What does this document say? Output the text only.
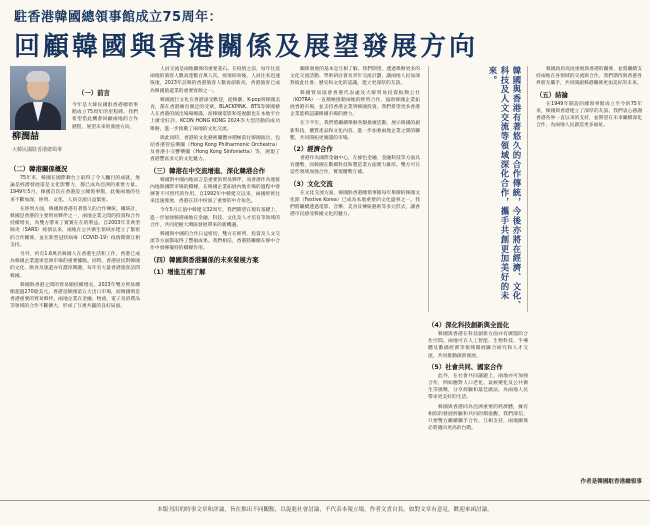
駐香港韓國總領事館成立75周年：
回顧韓國與香港關係及展望發展方向
柳潤喆
大韓民國駐香港總領事
（一）前言
今年是大韓民國駐香港總領事館成立75周年的里程碑。我們希望借此機會回顧兩地的合作歷程，展望未來的發展方向。
（二）韓港關係概況

75年來，韓國在國際舞台上取得了令人矚目的成就，無論是經濟發展還是文化影響力，都已成為亞洲的重要力量。1949年5月，韓國首次在香港設立總領事館，此後兩地的往來不斷加深，經貿、文化、人員交流日益緊密。

在經貿方面，韓國與香港有著悠久的合作傳統。據統計，韓國是香港的主要貿易夥伴之一，兩地企業之間的投資和合作持續增長，為雙方帶來了實實在在的利益。自2003年非典型肺炎（SARS）疫情以來，兩地在公共衛生領域亦建立了緊密的合作關係，並在新型冠狀病毒（COVID-19）疫情期間互相支持。

另外，約有1.6萬名韓國人在香港生活和工作，香港已成為韓國企業進軍亞洲市場的重要據點。同時，香港居民對韓國的文化、飲食及旅遊亦有濃厚興趣，每年有大量香港旅客訪問韓國。

韓國與香港之間的貿易額持續增長，2023年雙方貿易總額超過270億美元。香港是韓國第五大出口市場，而韓國則是香港重要的貿易夥伴。兩地企業在金融、物流、電子及消費品等領域的合作不斷擴大，形成了互惠共贏的良好局面。

人員交流是兩地關係的重要基石。在疫情之前，每年往返兩地的旅客人數高達數百萬人次。疫情結束後，人員往來迅速恢復，2023年訪韓的香港旅客人數再創新高，香港旅客已成為韓國旅遊業的重要客源之一。

韓國流行文化在香港深受歡迎，從韓劇、K-pop到韓國美食，都在香港擁有廣泛的受眾。BLACKPINK、BTS等韓國藝人在香港的演出場場爆滿，而韓國電影和電視劇也在本地平台上廣受好評。KCON HONG KONG 2024等大型活動的成功舉辦，進一步推動了兩地的文化交流。

與此同時，香港的文化藝術團體亦積極前往韓國演出，包括香港管弦樂團（Hong Kong Philharmonic Orchestra）及香港小交響樂團（Hong Kong Sinfonietta）等，展現了香港豐富多元的文化魅力。

（三）韓港在中交流增進、深化韓港合作

韓國對中國內地而言是重要的貿易夥伴，而香港作為連接內地與國際市場的橋樑，在韓國企業拓展內地市場的過程中發揮著不可替代的作用。自1992年中韓建交以來，兩國經貿往來迅速發展，香港在其中扮演了重要的中介角色。

今年5月正值中韓建交32周年，我們期望在現有基礎上，進一步加強韓港兩地在金融、科技、文化及人才培育等領域的合作，共同把握大灣區發展帶來的新機遇。

韓國與中國的合作日益密切，雙方在經貿、投資及人文交流等方面都取得了豐碩成果。我們相信，香港將繼續在韓中合作中發揮獨特的橋樑作用。

（四）韓國與香港關係的未來發展方案
（1）增進互相了解

關係發展的基本是互相了解。我們期望，透過舉辦更多的文化交流活動、學術研討會及青年交流計劃，讓兩地人民加深對彼此社會、歷史和文化的認識，建立更深厚的友誼。

韓國貿易協會香港代表處及大韓貿易投資振興公社（KOTRA）一直積極推動兩地的經貿合作，協助韓國企業拓展香港市場，並支持香港企業到韓國投資。我們希望更多香港企業能夠認識韓國市場的潛力。

在下半年，我們將繼續舉辦各類推廣活動，展示韓國的創新科技、優質產品和文化內容，進一步加強兩地企業之間的聯繫，共同開拓更廣闊的市場。

（2）經濟合作

香港作為國際金融中心，在綠色金融、金融科技等方面具有優勢，而韓國在數碼科技和製造業方面實力雄厚。雙方可在這些領域加強合作，實現優勢互補。

（3）文化交流

在文化交流方面，韓國駐香港總領事館每年舉辦的韓國文化節（Festive Korea）已成為本地重要的文化盛事之一。我們將繼續透過電影、音樂、美食及傳統藝術等多元形式，讓香港市民感受韓國文化的魅力。	韓國與香港有著悠久的合作傳統，今後亦將在經濟、文化、科技及人文交流等領域深化合作，攜手共創更加美好的未來。
（4）深化科技創新與全面化

韓國與香港在科技創新方面亦有廣闊的合作空間。兩地可在人工智能、生物科技、半導體及數碼經濟等領域開展聯合研究和人才交流，共同推動創新發展。

（5）社會共同、國家合作

此外，在社會共同議題上，兩地亦可加強合作，例如應對人口老化、氣候變化及公共衛生等挑戰，分享經驗和最佳做法，為兩地人民帶來更美好的生活。

韓國與香港同為亞洲重要的經濟體，擁有相似的發展經驗和共同的價值觀。我們深信，只要雙方繼續攜手合作，互相支持，兩地關係必將邁向更高的台階。

韓國政府高度重視與香港的關係，並將繼續支持兩地在各領域的交流與合作。我們期待與香港各界朋友攜手，共同開創韓港關係更加美好的未來。

（五）結論

在1949年開設的總領事館成立至今的75年來，韓國與香港建立了深厚的友誼。我們衷心感謝香港各界一直以來的支持，並期望在未來繼續深化合作，為兩地人民創造更多福祉。

作者是韓國駐香港總領事
本版刊出的時事文章和評論，旨在推出不同觀點，以促進社會討論，不代表本報立場，作者文責自負。如對文章有意見，歡迎來函討論。
